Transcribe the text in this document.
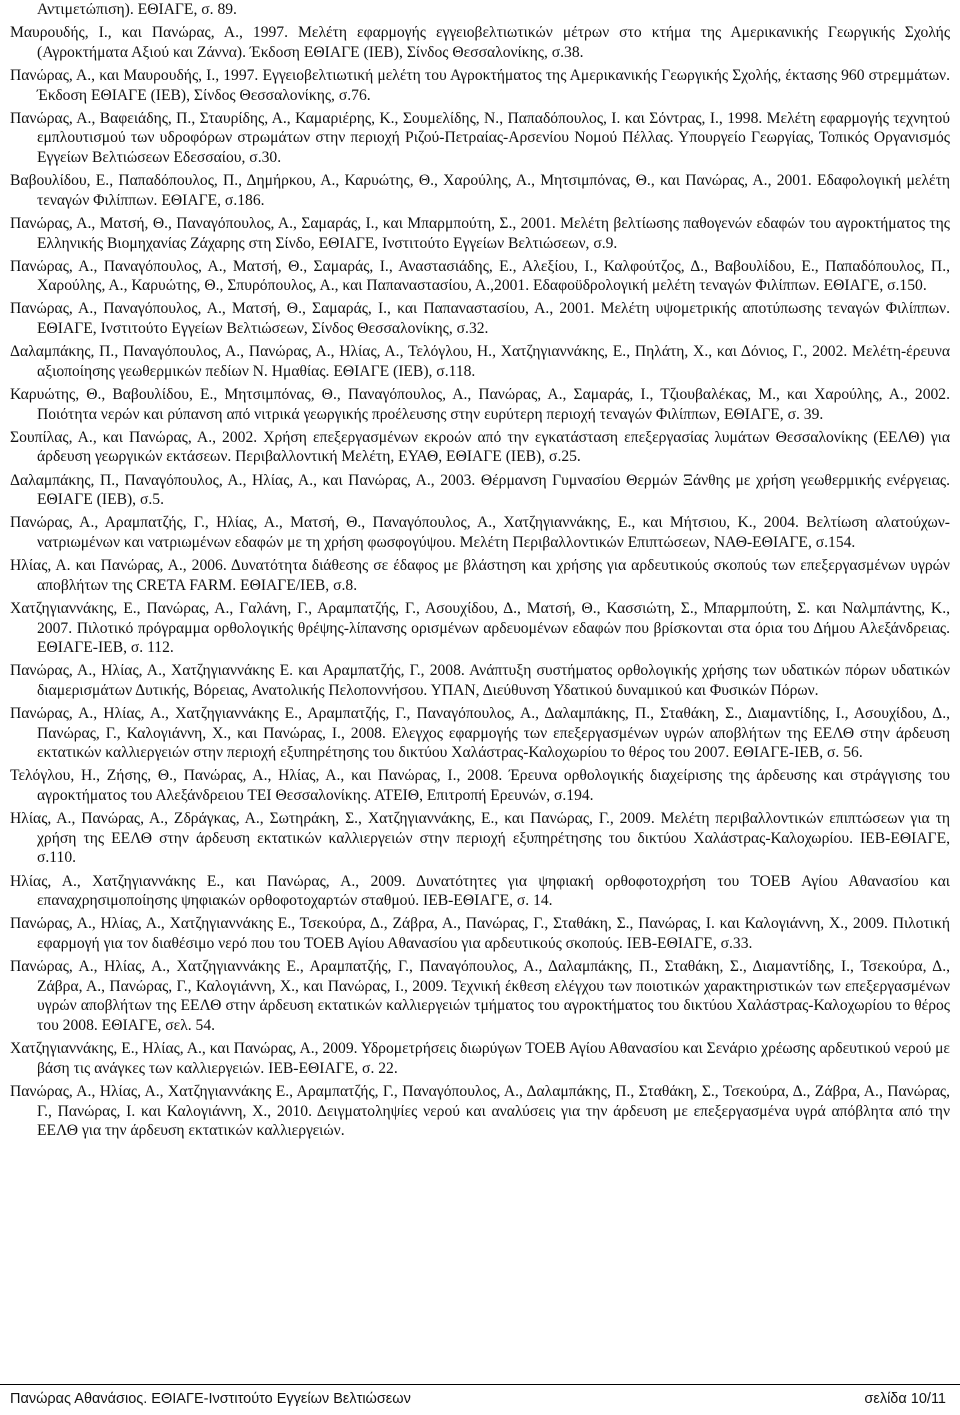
Αντιμετώπιση). ΕΘΙΑΓΕ, σ. 89.

Μαυρουδής, Ι., και Πανώρας, Α., 1997. Μελέτη εφαρμογής εγγειοβελτιωτικών μέτρων στο κτήμα της Αμερικανικής Γεωργικής Σχολής (Αγροκτήματα Αξιού και Ζάννα). Έκδοση ΕΘΙΑΓΕ (ΙΕΒ), Σίνδος Θεσσαλονίκης, σ.38.

Πανώρας, Α., και Μαυρουδής, Ι., 1997. Εγγειοβελτιωτική μελέτη του Αγροκτήματος της Αμερικανικής Γεωργικής Σχολής, έκτασης 960 στρεμμάτων. Έκδοση ΕΘΙΑΓΕ (ΙΕΒ), Σίνδος Θεσσαλονίκης, σ.76.

Πανώρας, Α., Βαφειάδης, Π., Σταυρίδης, Α., Καμαριέρης, Κ., Σουμελίδης, Ν., Παπαδόπουλος, Ι. και Σόντρας, Ι., 1998. Μελέτη εφαρμογής τεχνητού εμπλουτισμού των υδροφόρων στρωμάτων στην περιοχή Ριζού-Πετραίας-Αρσενίου Νομού Πέλλας. Υπουργείο Γεωργίας, Τοπικός Οργανισμός Εγγείων Βελτιώσεων Εδεσσαίου, σ.30.

Βαβουλίδου, Ε., Παπαδόπουλος, Π., Δημήρκου, Α., Καρυώτης, Θ., Χαρούλης, Α., Μητσιμπόνας, Θ., και Πανώρας, Α., 2001. Εδαφολογική μελέτη τεναγών Φιλίππων. ΕΘΙΑΓΕ, σ.186.

Πανώρας, Α., Ματσή, Θ., Παναγόπουλος, Α., Σαμαράς, Ι., και Μπαρμπούτη, Σ., 2001. Μελέτη βελτίωσης παθογενών εδαφών του αγροκτήματος της Ελληνικής Βιομηχανίας Ζάχαρης στη Σίνδο, ΕΘΙΑΓΕ, Ινστιτούτο Εγγείων Βελτιώσεων, σ.9.

Πανώρας, Α., Παναγόπουλος, Α., Ματσή, Θ., Σαμαράς, Ι., Αναστασιάδης, Ε., Αλεξίου, Ι., Καλφούτζος, Δ., Βαβουλίδου, Ε., Παπαδόπουλος, Π., Χαρούλης, Α., Καρυώτης, Θ., Σπυρόπουλος, Α., και Παπαναστασίου, Α.,2001. Εδαφοϋδρολογική μελέτη τεναγών Φιλίππων. ΕΘΙΑΓΕ, σ.150.

Πανώρας, Α., Παναγόπουλος, Α., Ματσή, Θ., Σαμαράς, Ι., και Παπαναστασίου, Α., 2001. Μελέτη υψομετρικής αποτύπωσης τεναγών Φιλίππων. ΕΘΙΑΓΕ, Ινστιτούτο Εγγείων Βελτιώσεων, Σίνδος Θεσσαλονίκης, σ.32.

Δαλαμπάκης, Π., Παναγόπουλος, Α., Πανώρας, Α., Ηλίας, Α., Τελόγλου, Η., Χατζηγιαννάκης, Ε., Πηλάτη, Χ., και Δόνιος, Γ., 2002. Μελέτη-έρευνα αξιοποίησης γεωθερμικών πεδίων Ν. Ημαθίας. ΕΘΙΑΓΕ (ΙΕΒ), σ.118.

Καρυώτης, Θ., Βαβουλίδου, Ε., Μητσιμπόνας, Θ., Παναγόπουλος, Α., Πανώρας, Α., Σαμαράς, Ι., Τζιουβαλέκας, Μ., και Χαρούλης, Α., 2002. Ποιότητα νερών και ρύπανση από νιτρικά γεωργικής προέλευσης στην ευρύτερη περιοχή τεναγών Φιλίππων, ΕΘΙΑΓΕ, σ. 39.

Σουπίλας, Α., και Πανώρας, Α., 2002. Χρήση επεξεργασμένων εκροών από την εγκατάσταση επεξεργασίας λυμάτων Θεσσαλονίκης (ΕΕΛΘ) για άρδευση γεωργικών εκτάσεων. Περιβαλλοντική Μελέτη, ΕΥΑΘ, ΕΘΙΑΓΕ (ΙΕΒ), σ.25.

Δαλαμπάκης, Π., Παναγόπουλος, Α., Ηλίας, Α., και Πανώρας, Α., 2003. Θέρμανση Γυμνασίου Θερμών Ξάνθης με χρήση γεωθερμικής ενέργειας. ΕΘΙΑΓΕ (ΙΕΒ), σ.5.

Πανώρας, Α., Αραμπατζής, Γ., Ηλίας, Α., Ματσή, Θ., Παναγόπουλος, Α., Χατζηγιαννάκης, Ε., και Μήτσιου, Κ., 2004. Βελτίωση αλατούχων-νατριωμένων και νατριωμένων εδαφών με τη χρήση φωσφογύψου. Μελέτη Περιβαλλοντικών Επιπτώσεων, ΝΑΘ-ΕΘΙΑΓΕ, σ.154.

Ηλίας, Α. και Πανώρας, Α., 2006. Δυνατότητα διάθεσης σε έδαφος με βλάστηση και χρήσης για αρδευτικούς σκοπούς των επεξεργασμένων υγρών αποβλήτων της CRETA FARM. ΕΘΙΑΓΕ/ΙΕΒ, σ.8.

Χατζηγιαννάκης, Ε., Πανώρας, Α., Γαλάνη, Γ., Αραμπατζής, Γ., Ασουχίδου, Δ., Ματσή, Θ., Κασσιώτη, Σ., Μπαρμπούτη, Σ. και Ναλμπάντης, Κ., 2007. Πιλοτικό πρόγραμμα ορθολογικής θρέψης-λίπανσης ορισμένων αρδευομένων εδαφών που βρίσκονται στα όρια του Δήμου Αλεξάνδρειας. ΕΘΙΑΓΕ-ΙΕΒ, σ. 112.

Πανώρας, Α., Ηλίας, Α., Χατζηγιαννάκης Ε. και Αραμπατζής, Γ., 2008. Ανάπτυξη συστήματος ορθολογικής χρήσης των υδατικών πόρων υδατικών διαμερισμάτων Δυτικής, Βόρειας, Ανατολικής Πελοποννήσου. ΥΠΑΝ, Διεύθυνση Υδατικού δυναμικού και Φυσικών Πόρων.

Πανώρας, Α., Ηλίας, Α., Χατζηγιαννάκης Ε., Αραμπατζής, Γ., Παναγόπουλος, Α., Δαλαμπάκης, Π., Σταθάκη, Σ., Διαμαντίδης, Ι., Ασουχίδου, Δ., Πανώρας, Γ., Καλογιάννη, Χ., και Πανώρας, Ι., 2008. Ελεγχος εφαρμογής των επεξεργασμένων υγρών αποβλήτων της ΕΕΛΘ στην άρδευση εκτατικών καλλιεργειών στην περιοχή εξυπηρέτησης του δικτύου Χαλάστρας-Καλοχωρίου το θέρος του 2007. ΕΘΙΑΓΕ-ΙΕΒ, σ. 56.

Τελόγλου, Η., Ζήσης, Θ., Πανώρας, Α., Ηλίας, Α., και Πανώρας, Ι., 2008. Έρευνα ορθολογικής διαχείρισης της άρδευσης και στράγγισης του αγροκτήματος του Αλεξάνδρειου ΤΕΙ Θεσσαλονίκης. ΑΤΕΙΘ, Επιτροπή Ερευνών, σ.194.

Ηλίας, Α., Πανώρας, Α., Ζδράγκας, Α., Σωτηράκη, Σ., Χατζηγιαννάκης, Ε., και Πανώρας, Γ., 2009. Μελέτη περιβαλλοντικών επιπτώσεων για τη χρήση της ΕΕΛΘ στην άρδευση εκτατικών καλλιεργειών στην περιοχή εξυπηρέτησης του δικτύου Χαλάστρας-Καλοχωρίου. ΙΕΒ-ΕΘΙΑΓΕ, σ.110.

Ηλίας, Α., Χατζηγιαννάκης Ε., και Πανώρας, Α., 2009. Δυνατότητες για ψηφιακή ορθοφοτοχρήση του ΤΟΕΒ Αγίου Αθανασίου και επαναχρησιμοποίησης ψηφιακών ορθοφοτοχαρτών σταθμού. ΙΕΒ-ΕΘΙΑΓΕ, σ. 14.

Πανώρας, Α., Ηλίας, Α., Χατζηγιαννάκης Ε., Τσεκούρα, Δ., Ζάβρα, Α., Πανώρας, Γ., Σταθάκη, Σ., Πανώρας, Ι. και Καλογιάννη, Χ., 2009. Πιλοτική εφαρμογή για τον διαθέσιμο νερό που του ΤΟΕΒ Αγίου Αθανασίου για αρδευτικούς σκοπούς. ΙΕΒ-ΕΘΙΑΓΕ, σ.33.

Πανώρας, Α., Ηλίας, Α., Χατζηγιαννάκης Ε., Αραμπατζής, Γ., Παναγόπουλος, Α., Δαλαμπάκης, Π., Σταθάκη, Σ., Διαμαντίδης, Ι., Τσεκούρα, Δ., Ζάβρα, Α., Πανώρας, Γ., Καλογιάννη, Χ., και Πανώρας, Ι., 2009. Τεχνική έκθεση ελέγχου των ποιοτικών χαρακτηριστικών των επεξεργασμένων υγρών αποβλήτων της ΕΕΛΘ στην άρδευση εκτατικών καλλιεργειών τμήματος του αγροκτήματος του δικτύου Χαλάστρας-Καλοχωρίου το θέρος του 2008. ΕΘΙΑΓΕ, σελ. 54.

Χατζηγιαννάκης, Ε., Ηλίας, Α., και Πανώρας, Α., 2009. Υδρομετρήσεις διωρύγων ΤΟΕΒ Αγίου Αθανασίου και Σενάριο χρέωσης αρδευτικού νερού με βάση τις ανάγκες των καλλιεργειών. ΙΕΒ-ΕΘΙΑΓΕ, σ. 22.

Πανώρας, Α., Ηλίας, Α., Χατζηγιαννάκης Ε., Αραμπατζής, Γ., Παναγόπουλος, Α., Δαλαμπάκης, Π., Σταθάκη, Σ., Τσεκούρα, Δ., Ζάβρα, Α., Πανώρας, Γ., Πανώρας, Ι. και Καλογιάννη, Χ., 2010. Δειγματοληψίες νερού και αναλύσεις για την άρδευση με επεξεργασμένα υγρά απόβλητα από την ΕΕΛΘ για την άρδευση εκτατικών καλλιεργειών.

Πανώρας Αθανάσιος. ΕΘΙΑΓΕ-Ινστιτούτο Εγγείων Βελτιώσεων	σελίδα 10/11
